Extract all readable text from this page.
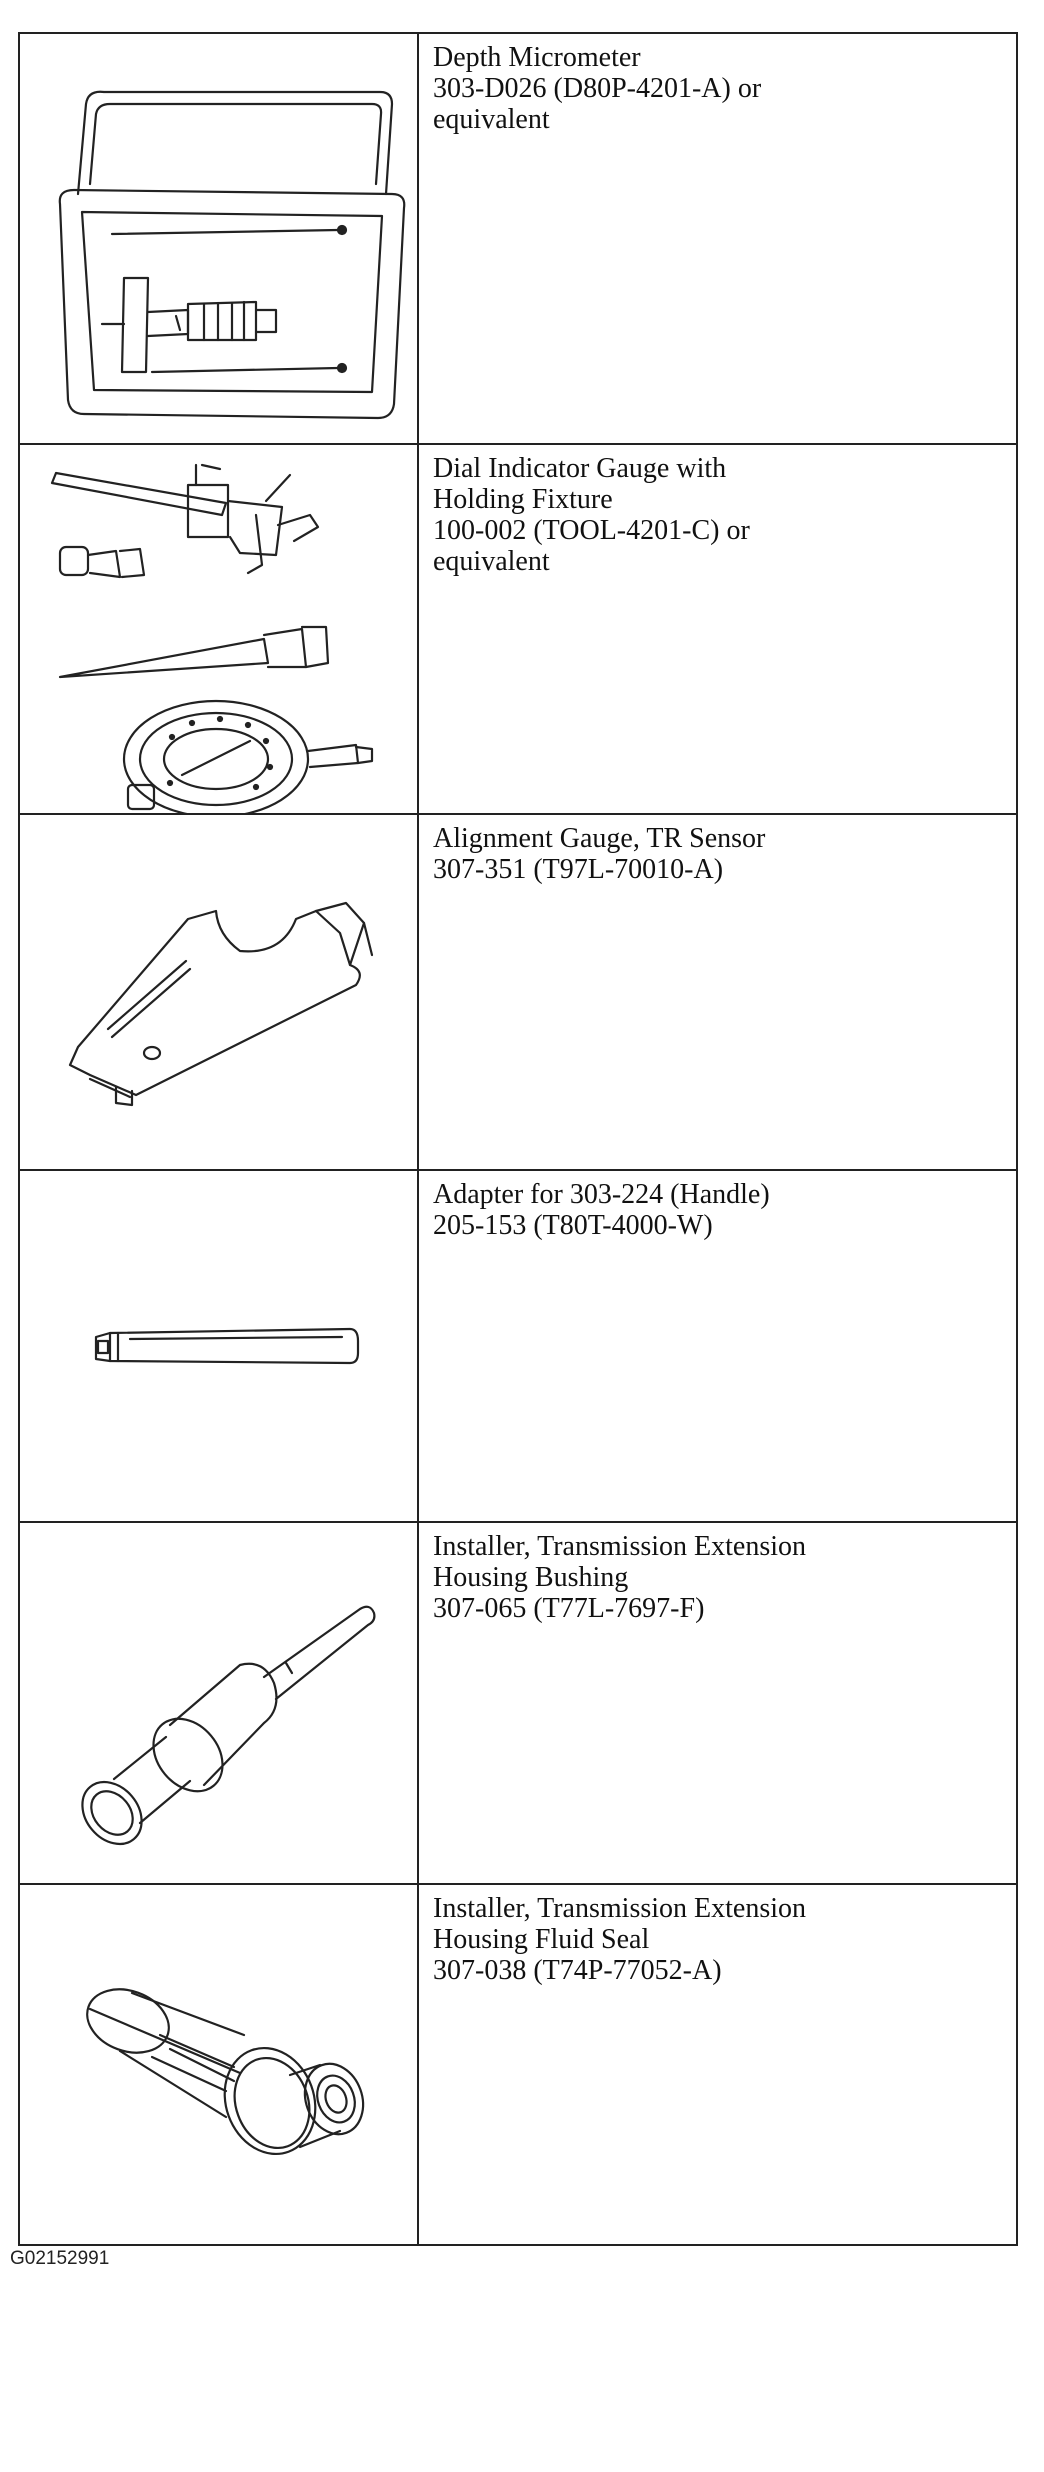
Depth Micrometer
303-D026 (D80P-4201-A) or
equivalent

Dial Indicator Gauge with
Holding Fixture
100-002 (TOOL-4201-C) or
equivalent

Alignment Gauge, TR Sensor
307-351 (T97L-70010-A)

Adapter for 303-224 (Handle)
205-153 (T80T-4000-W)

Installer, Transmission Extension
Housing Bushing
307-065 (T77L-7697-F)

Installer, Transmission Extension
Housing Fluid Seal
307-038 (T74P-77052-A)
G02152991
